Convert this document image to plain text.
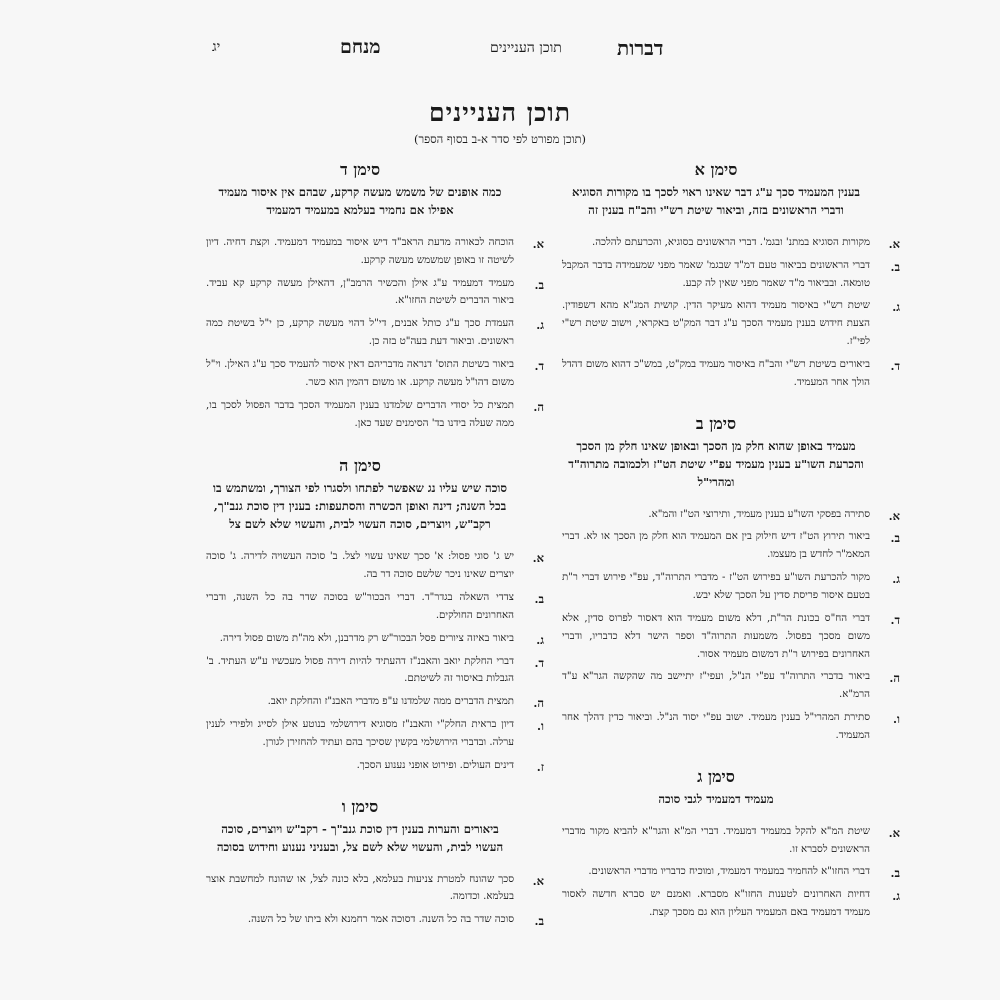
דברות
תוכן העניינים
מנחם
יג
תוכן העניינים
(תוכן מפורט לפי סדר א-ב בסוף הספר)
סימן א
בענין המעמיד סכך ע"ג דבר שאינו ראוי לסכך בו מקורות הסוגיא ודברי הראשונים בזה, וביאור שיטת רש"י והב"ח בענין זה
א.
מקורות הסוגיא במתנ' ובגמ'. דברי הראשונים בסוגיא, והכרעתם להלכה.
ב.
דברי הראשונים בביאור טעם דמ"ד שבגמ' שאמר מפני שמעמידה בדבר המקבל טומאה. ובביאור מ"ד שאמר מפני שאין לה קבע.
ג.
שיטת רש"י באיסור מעמיד דהוא מעיקר הדין. קושית המג"א מהא דשפודין. הצעת חידוש בענין מעמיד הסכך ע"ג דבר המק"ט באקראי, וישוב שיטת רש"י לפי"ז.
ד.
ביאורים בשיטת רש"י והב"ח באיסור מעמיד במק"ט, במש"כ דהוא משום דהדל הולך אחר המעמיד.
סימן ב
מעמיד באופן שהוא חלק מן הסכך ובאופן שאינו חלק מן הסכך והכרעת השו"ע בענין מעמיד עפ"י שיטת הט"ז ולכמובה מתרוה"ד ומהרי"ל
א.
סתירה בפסקי השו"ע בענין מעמיד, ותירוצי הט"ז והמ"א.
ב.
ביאור תירוץ הט"ז דיש חילוק בין אם המעמיד הוא חלק מן הסכך או לא. דברי המאמ"ר לחדש בן מעצמו.
ג.
מקור להכרעת השו"ע בפירוש הט"ז - מדברי התרוה"ד, עפ"י פירוש דברי ר"ת בטעם איסור פריסת סדין על הסכך שלא יבש.
ד.
דברי הח"ס בכונת הר"ת, דלא משום מעמיד הוא דאסור לפרוס סדין, אלא משום מסכך בפסול. משמעות התרוה"ד וספר הישר דלא כדבריו, ודברי האחרונים בפירוש ר"ת דמשום מעמיד אסור.
ה.
ביאור בדברי התרוה"ד עפ"י הנ"ל, ועפי"ז יתיישב מה שהקשה הגר"א ע"ד הרמ"א.
ו.
סתירת המהרי"ל בענין מעמיד. ישוב עפ"י יסוד הנ"ל. וביאור כדין דהלך אחר המעמיד.
סימן ג
מעמיד דמעמיד לגבי סוכה
א.
שיטת המ"א להקל במעמיד דמעמיד. דברי המ"א והגר"א להביא מקור מדברי הראשונים לסברא זו.
ב.
דברי החזו"א להחמיר במעמיד דמעמיד, ומוכיח כדבריו מדברי הראשונים.
ג.
דחיות האחרונים לטענות החזו"א מסברא. ואמנם יש סברא חדשה לאסור מעמיד דמעמיד באם המעמיד העליון הוא גם מסכך קצת.
סימן ד
כמה אופנים של משמש מעשה קרקע, שבהם אין איסור מעמיד אפילו אם נחמיר בעלמא במעמיד דמעמיד
א.
הוכחה לכאורה מדעת הראב"ד דיש איסור במעמיד דמעמיד. וקצת דחיה. דיון לשיטה זו באופן שמשמש מעשה קרקע.
ב.
מעמיד דמעמיד ע"ג אילן והכשיר הרמב"ן, דהאילן מעשה קרקע קא עביד. ביאור הדברים לשיטת החזו"א.
ג.
העמדת סכך ע"ג כותל אבנים, די"ל דהוי מעשה קרקע, כן י"ל בשיטת כמה ראשונים. וביאור דעת בעה"ט בזה כן.
ד.
ביאור בשיטת התוס' דנראה מדבריהם דאין איסור להעמיד סכך ע"ג האילן. וי"ל משום דהו"ל מעשה קרקע. או משום דהמין הוא כשר.
ה.
תמצית כל יסודי הדברים שלמדנו בענין המעמיד הסכך בדבר הפסול לסכך בו, ממה שעלה בידנו בד' הסימנים שעד כאן.
סימן ה
סוכה שיש עליו נג שאפשר לפתחו ולסגרו לפי הצורך, ומשתמש בו בכל השנה; דינה ואופן הכשרה והסתעפות: בענין דין סוכת גנב"ך, רקב"ש, ויוצרים, סוכה העשוי לבית, והעשוי שלא לשם צל
א.
יש ג' סוגי פסול: א' סכך שאינו עשוי לצל. ב' סוכה העשויה לדירה. ג' סוכה יוצרים שאינו ניכר שלשם סוכה דר בה.
ב.
צדדי השאלה בגדר"ד. דברי הבכור"ש בסוכה שדר בה כל השנה, ודברי האחרונים החולקים.
ג.
ביאור באיזה ציורים פסל הבכור"ש רק מדרבנן, ולא מה"ת משום פסול דירה.
ד.
דברי החלקת יואב והאבנ"ז דהעתיד להיות דירה פסול מעכשיו ע"ש העתיד. ב' הגבלות באיסור זה לשיטתם.
ה.
תמצית הדברים ממה שלמדנו ע"פ מדברי האבנ"ז והחלקת יואב.
ו.
דיון בראית החלק"י והאבנ"ז מסוגיא דירושלמי בנוטע אילן לסייג ולפירי לענין ערלה. ובדברי הירושלמי בקשין שסיכך בהם ועתיד להחזירן לגורן.
ז.
דינים העולים. ופירוט אופני נענוע הסכך.
סימן ו
ביאורים והערות בענין דין סוכת גנב"ך - רקב"ש ויוצרים, סוכה העשוי לבית, והעשוי שלא לשם צל, ובעניני נענוע וחידוש בסוכה
א.
סכך שהונח למטרת צניעות בעלמא, בלא כונה לצל, או שהונח למחשבת אוצר בעלמא. וכדומה.
ב.
סוכה שדר בה כל השנה. דסוכה אמר רחמנא ולא ביתו של כל השנה.
